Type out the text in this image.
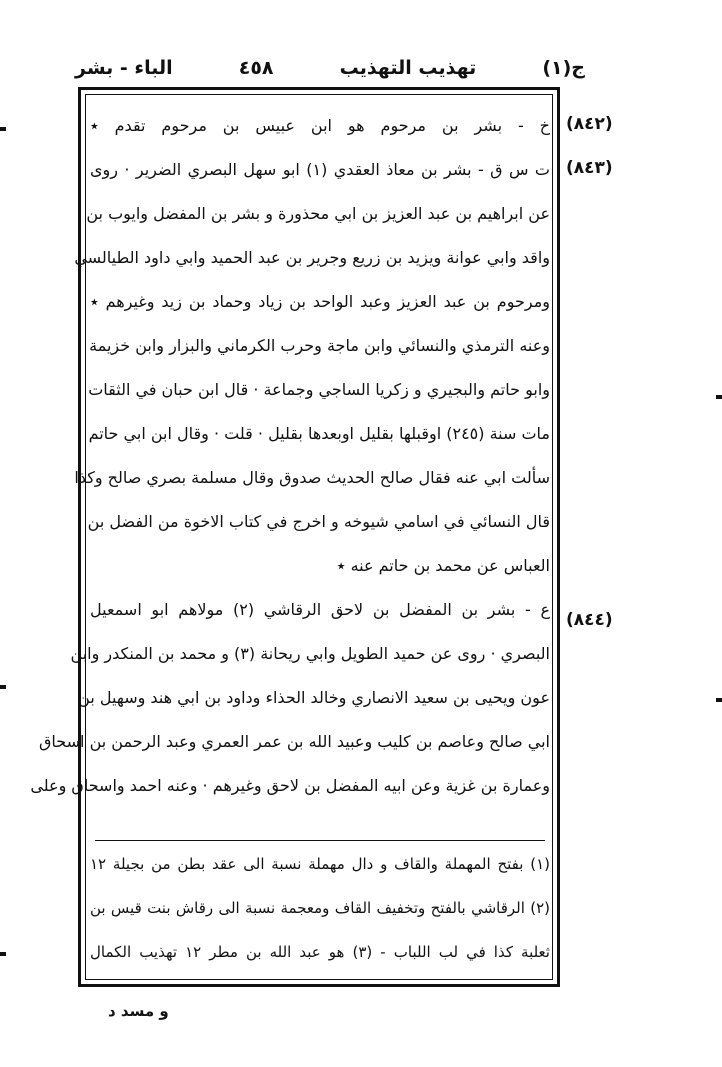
ج(١)
تهذيب التهذيب
٤٥٨
الباء - بشر
(٨٤٢)
(٨٤٣)
(٨٤٤)
خ - بشر بن مرحوم هو ابن عبيس بن مرحوم تقدم ٭
ت س ق - بشر بن معاذ العقدي (١) ابو سهل البصري الضرير · روى
عن ابراهيم بن عبد العزيز بن ابي محذورة و بشر بن المفضل وايوب بن
واقد وابي عوانة ويزيد بن زريع وجرير بن عبد الحميد وابي داود الطيالسي
ومرحوم بن عبد العزيز وعبد الواحد بن زياد وحماد بن زيد وغيرهم ٭
وعنه الترمذي والنسائي وابن ماجة وحرب الكرماني والبزار وابن خزيمة
وابو حاتم والبجيري و زكريا الساجي وجماعة · قال ابن حبان في الثقات
مات سنة (٢٤٥) اوقبلها بقليل اوبعدها بقليل · قلت · وقال ابن ابي حاتم
سألت ابي عنه فقال صالح الحديث صدوق وقال مسلمة بصري صالح وكذا
قال النسائي في اسامي شيوخه و اخرج في كتاب الاخوة من الفضل بن
العباس عن محمد بن حاتم عنه ٭
ع - بشر بن المفضل بن لاحق الرقاشي (٢) مولاهم ابو اسمعيل
البصري · روى عن حميد الطويل وابي ريحانة (٣) و محمد بن المنكدر وابن
عون ويحيى بن سعيد الانصاري وخالد الحذاء وداود بن ابي هند وسهيل بن
ابي صالح وعاصم بن كليب وعبيد الله بن عمر العمري وعبد الرحمن بن اسحاق
وعمارة بن غزية وعن ابيه المفضل بن لاحق وغيرهم · وعنه احمد واسحاق وعلى
(١) بفتح المهملة والقاف و دال مهملة نسبة الى عقد بطن من بجيلة ١٢
(٢) الرقاشي بالفتح وتخفيف القاف ومعجمة نسبة الى رقاش بنت قيس بن
ثعلبة كذا في لب اللباب - (٣) هو عبد الله بن مطر ١٢ تهذيب الكمال
و مسد د
